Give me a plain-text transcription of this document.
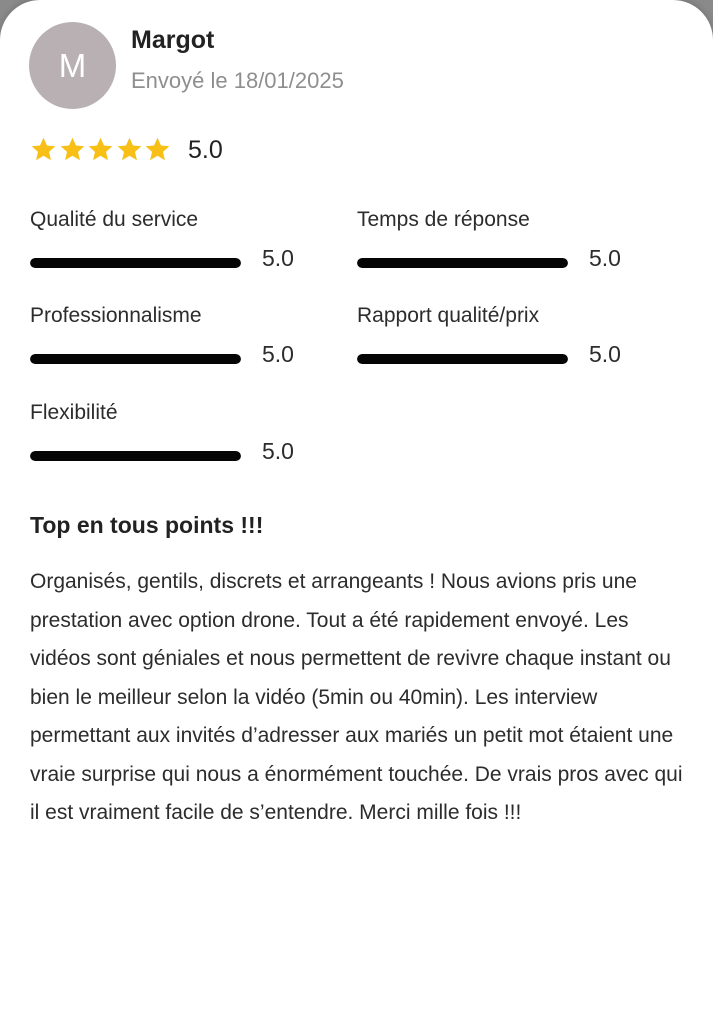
M
Margot
Envoyé le 18/01/2025
5.0
Qualité du service
5.0
Temps de réponse
5.0
Professionnalisme
5.0
Rapport qualité/prix
5.0
Flexibilité
5.0
Top en tous points !!!

Organisés, gentils, discrets et arrangeants ! Nous avions pris une prestation avec option drone. Tout a été rapidement envoyé. Les vidéos sont géniales et nous permettent de revivre chaque instant ou bien le meilleur selon la vidéo (5min ou 40min). Les interview permettant aux invités d’adresser aux mariés un petit mot étaient une vraie surprise qui nous a énormément touchée. De vrais pros avec qui il est vraiment facile de s’entendre. Merci mille fois !!!
